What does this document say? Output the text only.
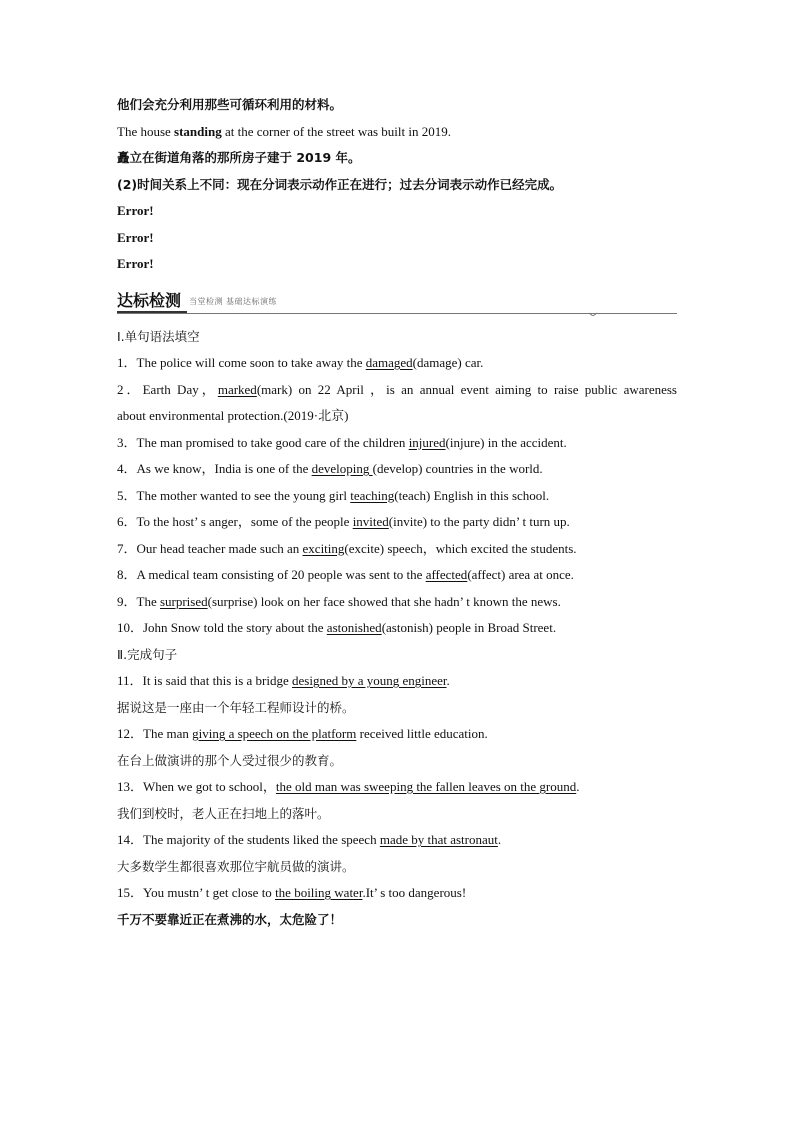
他们会充分利用那些可循环利用的材料。
The house standing at the corner of the street was built in 2019.
矗立在街道角落的那所房子建于 2019 年。
(2)时间关系上不同：现在分词表示动作正在进行；过去分词表示动作已经完成。
Error!
Error!
Error!
达标检测 当堂检测 基础达标演练
Ⅰ.单句语法填空
1．The police will come soon to take away the damaged(damage) car.
2．Earth Day，marked(mark) on 22 April ，is an annual event aiming to raise public awareness
about environmental protection.(2019·北京)
3．The man promised to take good care of the children injured(injure) in the accident.
4．As we know，India is one of the developing (develop) countries in the world.
5．The mother wanted to see the young girl teaching(teach) English in this school.
6．To the host’ s anger，some of the people invited(invite) to the party didn’ t turn up.
7．Our head teacher made such an exciting(excite) speech，which excited the students.
8．A medical team consisting of 20 people was sent to the affected(affect) area at once.
9．The surprised(surprise) look on her face showed that she hadn’ t known the news.
10．John Snow told the story about the astonished(astonish) people in Broad Street.
Ⅱ.完成句子
11．It is said that this is a bridge designed by a young engineer.
据说这是一座由一个年轻工程师设计的桥。
12．The man giving a speech on the platform received little education.
在台上做演讲的那个人受过很少的教育。
13．When we got to school，the old man was sweeping the fallen leaves on the ground.
我们到校时，老人正在扫地上的落叶。
14．The majority of the students liked the speech made by that astronaut.
大多数学生都很喜欢那位宇航员做的演讲。
15．You mustn’ t get close to the boiling water.It’ s too dangerous!
千万不要靠近正在煮沸的水，太危险了！
